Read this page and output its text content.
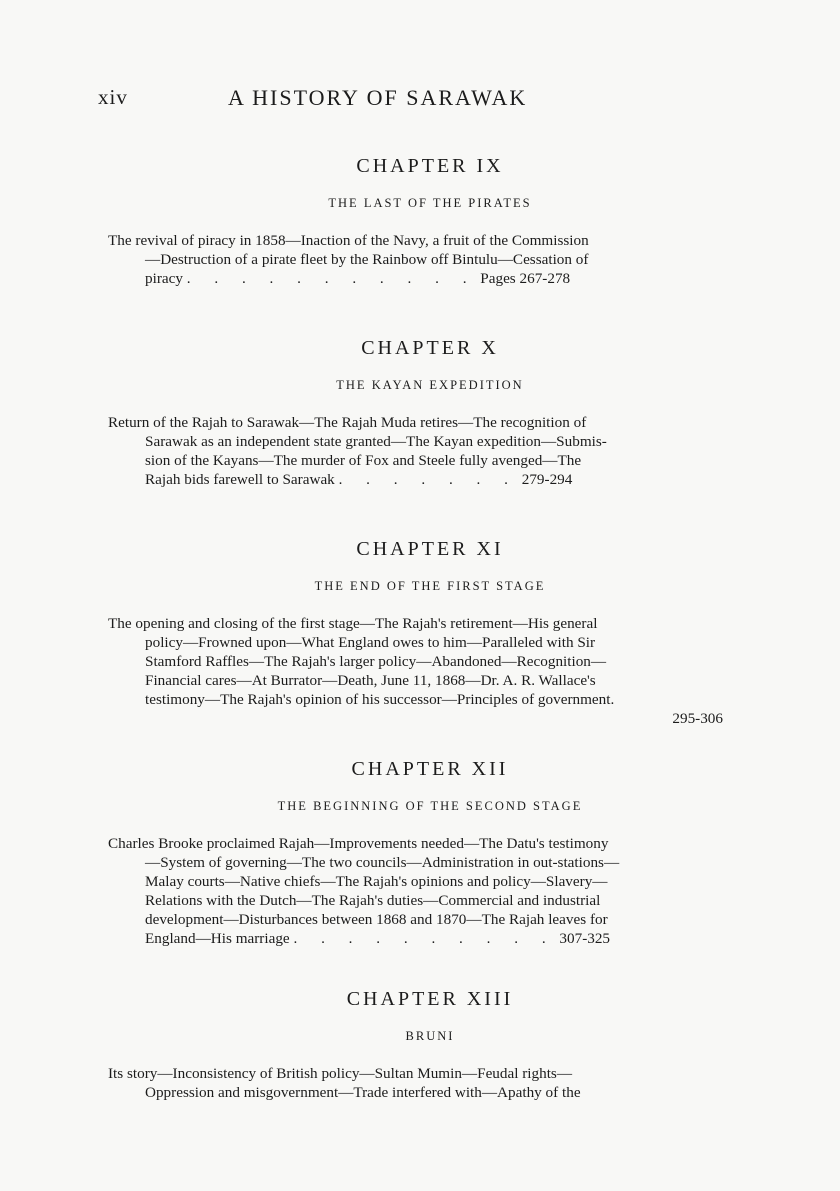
xiv	A HISTORY OF SARAWAK
CHAPTER IX
THE LAST OF THE PIRATES
The revival of piracy in 1858—Inaction of the Navy, a fruit of the Commission
—Destruction of a pirate fleet by the Rainbow off Bintulu—Cessation of
piracy . . . . . . . . . . . Pages 267-278
CHAPTER X
THE KAYAN EXPEDITION
Return of the Rajah to Sarawak—The Rajah Muda retires—The recognition of
Sarawak as an independent state granted—The Kayan expedition—Submis-
sion of the Kayans—The murder of Fox and Steele fully avenged—The
Rajah bids farewell to Sarawak . . . . . . . 279-294
CHAPTER XI
THE END OF THE FIRST STAGE
The opening and closing of the first stage—The Rajah's retirement—His general
policy—Frowned upon—What England owes to him—Paralleled with Sir
Stamford Raffles—The Rajah's larger policy—Abandoned—Recognition—
Financial cares—At Burrator—Death, June 11, 1868—Dr. A. R. Wallace's
testimony—The Rajah's opinion of his successor—Principles of government.
295-306
CHAPTER XII
THE BEGINNING OF THE SECOND STAGE
Charles Brooke proclaimed Rajah—Improvements needed—The Datu's testimony
—System of governing—The two councils—Administration in out-stations—
Malay courts—Native chiefs—The Rajah's opinions and policy—Slavery—
Relations with the Dutch—The Rajah's duties—Commercial and industrial
development—Disturbances between 1868 and 1870—The Rajah leaves for
England—His marriage . . . . . . . . . . 307-325
CHAPTER XIII
BRUNI
Its story—Inconsistency of British policy—Sultan Mumin—Feudal rights—
Oppression and misgovernment—Trade interfered with—Apathy of the
